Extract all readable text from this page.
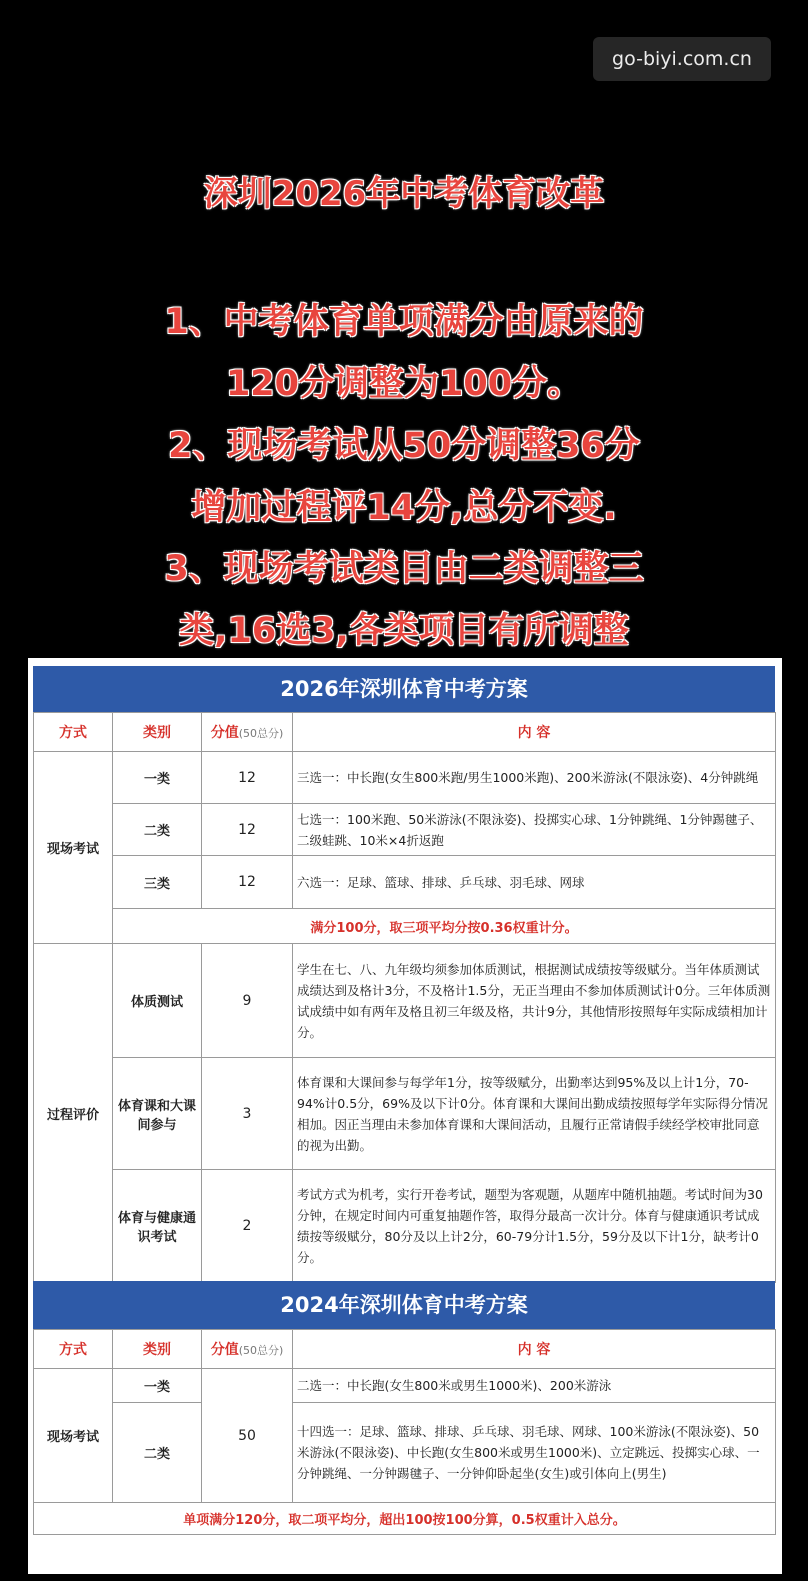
go-biyi.com.cn
深圳2026年中考体育改革
1、中考体育单项满分由原来的
120分调整为100分。
2、现场考试从50分调整36分
增加过程评14分,总分不变.
3、现场考试类目由二类调整三
类,16选3,各类项目有所调整
2026年深圳体育中考方案
方式	类别	分值(50总分)	内 容
现场考试	一类	12	三选一：中长跑(女生800米跑/男生1000米跑)、200米游泳(不限泳姿)、4分钟跳绳
	二类	12	七选一：100米跑、50米游泳(不限泳姿)、投掷实心球、1分钟跳绳、1分钟踢毽子、二级蛙跳、10米×4折返跑
	三类	12	六选一：足球、篮球、排球、乒乓球、羽毛球、网球
	满分100分，取三项平均分按0.36权重计分。		
过程评价	体质测试	9	学生在七、八、九年级均须参加体质测试，根据测试成绩按等级赋分。当年体质测试成绩达到及格计3分，不及格计1.5分，无正当理由不参加体质测试计0分。三年体质测试成绩中如有两年及格且初三年级及格，共计9分，其他情形按照每年实际成绩相加计分。
	体育课和大课间参与	3	体育课和大课间参与每学年1分，按等级赋分，出勤率达到95%及以上计1分，70-94%计0.5分，69%及以下计0分。体育课和大课间出勤成绩按照每学年实际得分情况相加。因正当理由未参加体育课和大课间活动，且履行正常请假手续经学校审批同意的视为出勤。
	体育与健康通识考试	2	考试方式为机考，实行开卷考试，题型为客观题，从题库中随机抽题。考试时间为30分钟，在规定时间内可重复抽题作答，取得分最高一次计分。体育与健康通识考试成绩按等级赋分，80分及以上计2分，60-79分计1.5分，59分及以下计1分，缺考计0分。
2024年深圳体育中考方案
方式	类别	分值(50总分)	内 容
现场考试	一类	50	二选一：中长跑(女生800米或男生1000米)、200米游泳
	二类		十四选一：足球、篮球、排球、乒乓球、羽毛球、网球、100米游泳(不限泳姿)、50米游泳(不限泳姿)、中长跑(女生800米或男生1000米)、立定跳远、投掷实心球、一分钟跳绳、一分钟踢毽子、一分钟仰卧起坐(女生)或引体向上(男生)
单项满分120分，取二项平均分，超出100按100分算，0.5权重计入总分。			
